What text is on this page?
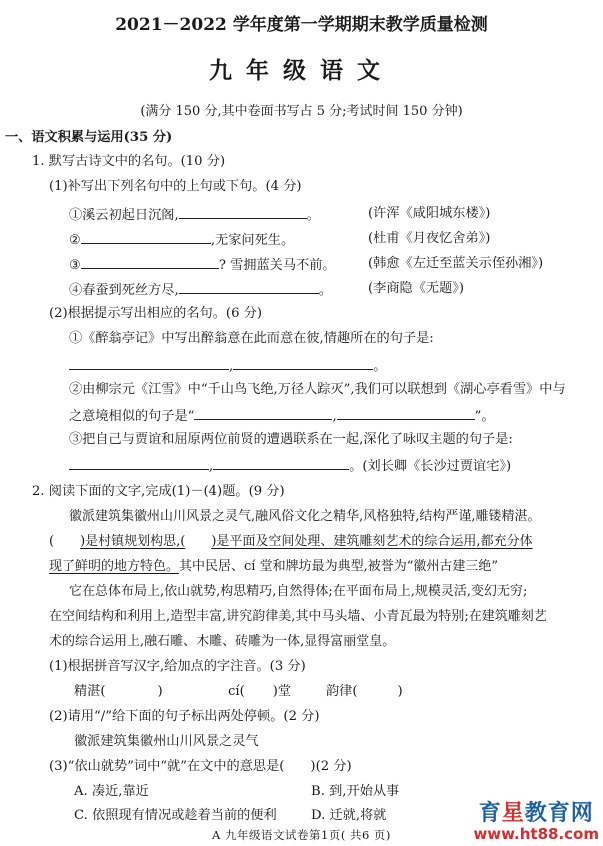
2021－2022 学年度第一学期期末教学质量检测
九年级语文
(满分 150 分,其中卷面书写占 5 分;考试时间 150 分钟)
一、语文积累与运用(35 分)
1. 默写古诗文中的名句。(10 分)
(1)补写出下列名句中的上句或下句。(4 分)
①溪云初起日沉阁,	。	(许浑《咸阳城东楼》)
②	,无家问死生。	(杜甫《月夜忆舍弟》)
③	? 雪拥蓝关马不前。 (韩愈《左迁至蓝关示侄孙湘》)
④春蚕到死丝方尽,	。	(李商隐《无题》)
(2)根据提示写出相应的名句。(6 分)
①《醉翁亭记》中写出醉翁意在此而意在彼,情趣所在的句子是:
,	。
②由柳宗元《江雪》中“千山鸟飞绝,万径人踪灭”,我们可以联想到《湖心亭看雪》中与
之意境相似的句子是“	,	”。
③把自己与贾谊和屈原两位前贤的遭遇联系在一起,深化了咏叹主题的句子是:
,	。(刘长卿《长沙过贾谊宅》)
2. 阅读下面的文字,完成(1)－(4)题。(9 分)
徽派建筑集徽州山川风景之灵气,融风俗文化之精华,风格独特,结构严谨,雕镂精湛。
( )是村镇规划构思,( )是平面及空间处理、建筑雕刻艺术的综合运用,都充分体
现了鲜明的地方特色。其中民居、cí 堂和牌坊最为典型,被誉为“徽州古建三绝”
它在总体布局上,依山就势,构思精巧,自然得体;在平面布局上,规模灵活,变幻无穷;
在空间结构和利用上,造型丰富,讲究韵律美,其中马头墙、小青瓦最为特别;在建筑雕刻艺
术的综合运用上,融石雕、木雕、砖雕为一体,显得富丽堂皇。
(1)根据拼音写汉字,给加点的字注音。(3 分)
精湛(	)	cí( )堂	韵律(	)
(2)请用“/”给下面的句子标出两处停顿。(2 分)
徽派建筑集徽州山川风景之灵气
(3)“依山就势”词中“就”在文中的意思是( )(2 分)
A. 凑近,靠近	B. 到,开始从事
C. 依照现有情况或趁着当前的便利	D. 迁就,将就
A 九年级语文试卷第1页( 共6 页)
育星教育网
www.ht88.com
